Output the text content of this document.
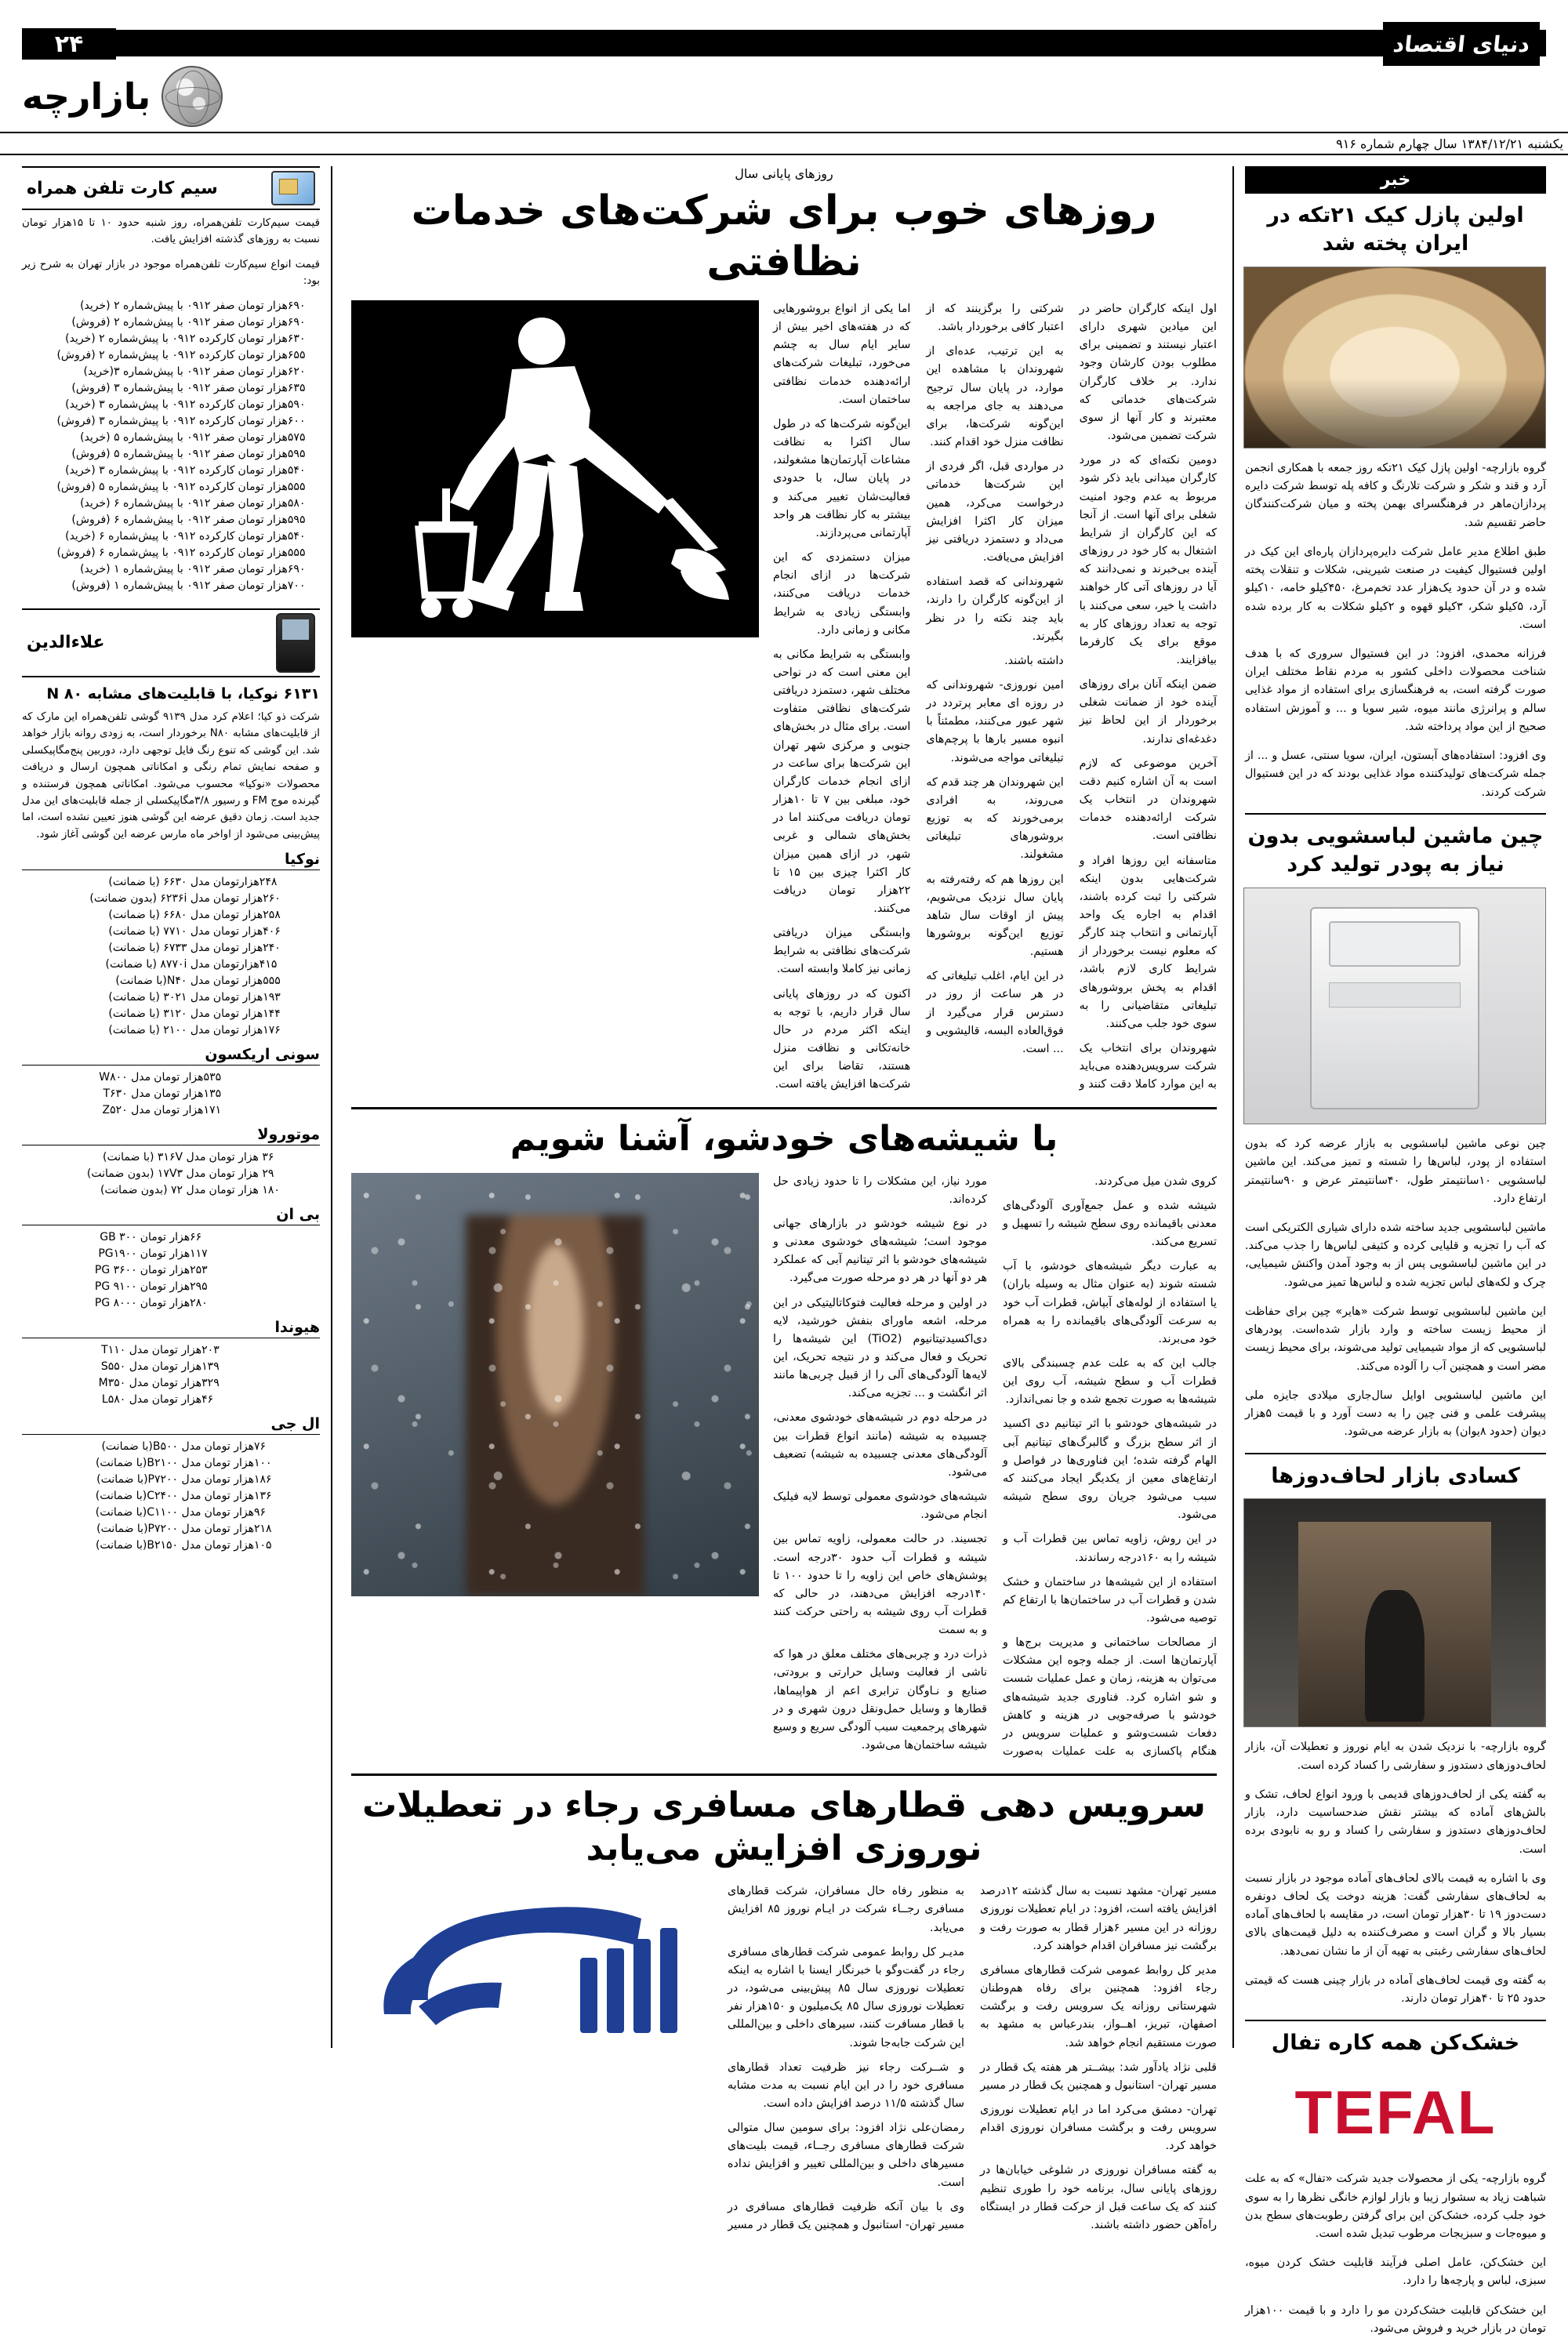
دنیای اقتصاد
۲۴
بازارچه
یکشنبه ۱۳۸۴/۱۲/۲۱ سال چهارم شماره ۹۱۶
خبر
اولین پازل کیک ۲۱تکه در ایران پخته شد

گروه بازارچه- اولین پازل کیک ۲۱تکه روز جمعه با همکاری انجمن آرد و قند و شکر و شرکت تلارنگ و کافه پله توسط شرکت دایره پردازان‌ماهر در فرهنگسرای بهمن پخته و میان شرکت‌کنندگان حاضر تقسیم شد.

طبق اطلاع مدیر عامل شرکت دایره‌پردازان پاره‌ای این کیک در اولین فستیوال کیفیت در صنعت شیرینی، شکلات و تنقلات پخته شده و در آن حدود یک‌هزار عدد تخم‌مرغ، ۴۵۰کیلو خامه، ۱۰کیلو آرد، ۵کیلو شکر، ۳کیلو قهوه و ۲کیلو شکلات به کار برده شده است.

فرزانه محمدی، افزود: در این فستیوال سروری که با هدف شناخت محصولات داخلی کشور به مردم نقاط مختلف ایران صورت گرفته است، به فرهنگسازی برای استفاده از مواد غذایی سالم و پرانرژی مانند میوه، شیر سویا و ... و آموزش استفاده صحیح از این مواد پرداخته شد.

وی افزود: استفاده‌های آبستون، ایران، سویا سنتی، عسل و ... از جمله شرکت‌های تولیدکننده مواد غذایی بودند که در این فستیوال شرکت کردند.

چین ماشین لباسشویی بدون نیاز به پودر تولید کرد

چین نوعی ماشین لباسشویی به بازار عرضه کرد که بدون استفاده از پودر، لباس‌ها را شسته و تمیز می‌کند. این ماشین لباسشویی ۱۰سانتیمتر طول، ۴۰سانتیمتر عرض و ۹۰سانتیمتر ارتفاع دارد.

ماشین لباسشویی جدید ساخته شده دارای شیاری الکتریکی است که آب را تجزیه و قلیایی کرده و کثیفی لباس‌ها را جذب می‌کند. در این ماشین لباسشویی پس از به وجود آمدن واکنش شیمیایی، چرک و لکه‌های لباس تجزیه شده و لباس‌ها تمیز می‌شود.

این ماشین لباسشویی توسط شرکت «هایر» چین برای حفاظت از محیط زیست ساخته و وارد بازار شده‌است. پودرهای لباسشویی که از مواد شیمیایی تولید می‌شوند، برای محیط زیست مضر است و همچنین آب را آلوده می‌کند.

این ماشین لباسشویی اوایل سال‌جاری میلادی جایزه ملی پیشرفت علمی و فنی چین را به دست آورد و با قیمت ۵هزار دیوان (حدود ۸یوان) به بازار عرضه می‌شود.

کسادی بازار لحاف‌دوزها

گروه بازارچه- با نزدیک شدن به ایام نوروز و تعطیلات آن، بازار لحاف‌دوزهای دستدوز و سفارشی را کساد کرده است.

به گفته یکی از لحاف‌دوزهای قدیمی با ورود انواع لحاف، تشک و بالش‌های آماده که بیشتر نقش ضدحساسیت دارد، بازار لحاف‌دوزهای دستدوز و سفارشی را کساد و رو به نابودی برده است.

وی با اشاره به قیمت بالای لحاف‌های آماده موجود در بازار نسبت به لحاف‌های سفارشی گفت: هزینه دوخت یک لحاف دونفره دست‌دوز ۱۹ تا ۳۰هزار تومان است، در مقایسه با لحاف‌های آماده بسیار بالا و گران است و مصرف‌کننده به دلیل قیمت‌های بالای لحاف‌های سفارشی رغبتی به تهیه آن از ما نشان نمی‌دهد.

به گفته وی قیمت لحاف‌های آماده در بازار چینی هست که قیمتی حدود ۲۵ تا ۴۰هزار تومان دارند.

خشک‌کن همه کاره تفال
TEFAL

گروه بازارچه- یکی از محصولات جدید شرکت «تفال» که به علت شباهت زیاد به سشوار زیبا و بازار لوازم خانگی نظرها را به سوی خود جلب کرده، خشک‌کن این برای گرفتن رطوبت‌های سطح بدن و میوه‌جات و سبزیجات مرطوب تبدیل شده است.

این خشک‌کن، عامل اصلی فرآیند قابلیت خشک کردن میوه، سبزی، لباس و پارچه‌ها را دارد.

این خشک‌کن قابلیت خشک‌کردن مو را دارد و با قیمت ۱۰۰هزار تومان در بازار خرید و فروش می‌شود.

روزهای پایانی سال
روزهای خوب برای شرکت‌های خدمات نظافتی

اول اینکه کارگران حاضر در این میادین شهری دارای اعتبار نیستند و تضمینی برای مطلوب بودن کارشان وجود ندارد. بر خلاف کارگران شرکت‌های خدماتی که معتبرند و کار آنها از سوی شرکت تضمین می‌شود.

دومین نکته‌ای که در مورد کارگران میدانی باید ذکر شود مربوط به عدم وجود امنیت شغلی برای آنها است. از آنجا که این کارگران از شرایط اشتغال به کار خود در روزهای آینده بی‌خبرند و نمی‌دانند که آیا در روزهای آتی کار خواهند داشت یا خیر، سعی می‌کنند با توجه به تعداد روزهای کار به موقع برای یک کارفرما بیافزایند.

ضمن اینکه آنان برای روزهای آینده خود از ضمانت شغلی برخوردار از این لحاظ نیز دغدغه‌ای ندارند.

آخرین موضوعی که لازم است به آن اشاره کنیم دقت شهروندان در انتخاب یک شرکت ارائه‌دهنده خدمات نظافتی است.

متاسفانه این روزها افراد و شرکت‌هایی بدون اینکه شرکتی را ثبت کرده باشند، اقدام به اجاره یک واحد آپارتمانی و انتخاب چند کارگر که معلوم نیست برخوردار از شرایط کاری لازم باشد، اقدام به پخش بروشورهای تبلیغاتی متقاضیانی را به سوی خود جلب می‌کنند.

شهروندان برای انتخاب یک شرکت سرویس‌دهنده می‌باید به این موارد کاملا دقت کنند و شرکتی را برگزینند که از اعتبار کافی برخوردار باشد.

به این ترتیب، عده‌ای از شهروندان با مشاهده این موارد، در پایان سال ترجیح می‌دهند به جای مراجعه به این‌گونه شرکت‌ها، برای نظافت منزل خود اقدام کنند.

در مواردی قبل، اگر فردی از این شرکت‌ها خدماتی درخواست می‌کرد، همین میزان کار اکثرا افزایش می‌داد و دستمزد دریافتی نیز افزایش می‌یافت.

شهروندانی که قصد استفاده از این‌گونه کارگران را دارند، باید چند نکته را در نظر بگیرند.

داشته باشند.

امین نوروزی- شهروندانی که در روزه ای معابر پرتردد در شهر عبور می‌کنند، مطمئناً با انبوه مسیر بارها با پرچم‌های تبلیغاتی مواجه می‌شوند.

این شهروندان هر چند قدم که می‌روند، به افرادی برمی‌خورند که به توزیع بروشورهای تبلیغاتی مشغولند.

این روزها هم که رفته‌رفته به پایان سال نزدیک می‌شویم، پیش از اوقات سال شاهد توزیع این‌گونه بروشورها هستیم.

در این ایام، اغلب تبلیغاتی که در هر ساعت از روز در دسترس قرار می‌گیرد از فوق‌العاده البسه، قالیشویی و ... است.

اما یکی از انواع بروشورهایی که در هفته‌های اخیر بیش از سایر ایام سال به چشم می‌خورد، تبلیغات شرکت‌های ارائه‌دهنده خدمات نظافتی ساختمان است.

این‌گونه شرکت‌ها که در طول سال اکثرا به نظافت مشاعات آپارتمان‌ها مشغولند، در پایان سال، با حدودی فعالیت‌شان تغییر می‌کند و بیشتر به کار نظافت هر واحد آپارتمانی می‌پردازند.

میزان دستمزدی که این شرکت‌ها در ازای انجام خدمات دریافت می‌کنند، وابستگی زیادی به شرایط مکانی و زمانی دارد.

وابستگی به شرایط مکانی به این معنی است که در نواحی مختلف شهر، دستمزد دریافتی شرکت‌های نظافتی متفاوت است. برای مثال در بخش‌های جنوبی و مرکزی شهر تهران این شرکت‌ها برای ساعت در ازای انجام خدمات کارگران خود، مبلغی بین ۷ تا ۱۰هزار تومان دریافت می‌کنند اما در بخش‌های شمالی و غربی شهر، در ازای همین میزان کار اکثرا چیزی بین ۱۵ تا ۲۲هزار تومان دریافت می‌کنند.

وابستگی میزان دریافتی شرکت‌های نظافتی به شرایط زمانی نیز کاملا وابسته است.

اکنون که در روزهای پایانی سال قرار داریم، با توجه به اینکه اکثر مردم در حال خانه‌تکانی و نظافت منزل هستند، تقاضا برای این شرکت‌ها افزایش یافته است.

با شیشه‌های خودشو، آشنا شویم

کروی شدن میل می‌کردند.

شیشه شده و عمل جمع‌آوری آلودگی‌های معدنی باقیمانده روی سطح شیشه را تسهیل و تسریع می‌کند.

به عبارت دیگر شیشه‌های خودشو، با آب شسته شوند (به عنوان مثال به وسیله باران) یا استفاده از لوله‌های آبپاش، قطرات آب خود به سرعت آلودگی‌های باقیمانده را به همراه خود می‌برند.

جالب این که به علت عدم چسبندگی بالای قطرات آب و سطح شیشه، آب روی این شیشه‌ها به صورت تجمع شده و جا نمی‌اندازد.

در شیشه‌های خودشو با اثر تیتانیم دی اکسید از اثر سطح بزرگ و گالبرگ‌های تیتانیم آبی الهام گرفته شده؛ این فناوری‌ها در فواصل و ارتفاع‌های معین از یکدیگر ایجاد می‌کنند که سبب می‌شود جریان روی سطح شیشه می‌شود.

در این روش، زاویه تماس بین قطرات آب و شیشه را به ۱۶۰درجه رساندند.

استفاده از این شیشه‌ها در ساختمان و خشک شدن و قطرات آب در ساختمان‌ها با ارتفاع کم توصیه می‌شود.

از مصالحات ساختمانی و مدیریت برج‌ها و آپارتمان‌ها است. از جمله وجوه این مشکلات می‌توان به هزینه، زمان و عمل عملیات شست و شو اشاره کرد. فناوری جدید شیشه‌های خودشو با صرفه‌جویی در هزینه و کاهش دفعات شست‌وشو و عملیات سرویس در هنگام پاکسازی به علت عملیات به‌صورت مورد نیاز، این مشکلات را تا حدود زیادی حل کرده‌اند.

در نوع شیشه خودشو در بازارهای جهانی موجود است؛ شیشه‌های خودشوی معدنی و شیشه‌های خودشو با اثر تیتانیم آبی که عملکرد هر دو آنها در هر دو مرحله صورت می‌گیرد.

در اولین و مرحله فعالیت فتوکاتالیتیکی در این مرحله، اشعه ماورای بنفش خورشید، لایه دی‌اکسیدتیتانیوم (TiO2) این شیشه‌ها را تحریک و فعال می‌کند و در نتیجه تحریک، این لایه‌ها آلودگی‌های آلی را از قبیل چربی‌ها مانند اثر انگشت و ... تجزیه می‌کند.

در مرحله دوم در شیشه‌های خودشوی معدنی، چسبیده به شیشه (مانند انواع قطرات بین آلودگی‌های معدنی چسبیده به شیشه) تضعیف می‌شود.

شیشه‌های خودشوی معمولی توسط لایه فیلیک انجام می‌شود.

تجسیند. در حالت معمولی، زاویه تماس بین شیشه و قطرات آب حدود ۳۰درجه است. پوشش‌های خاص این زاویه را تا حدود ۱۰۰ تا ۱۴۰درجه افزایش می‌دهند، در حالی که قطرات آب روی شیشه به راحتی حرکت کنند و به سمت

ذرات درد و چربی‌های مختلف معلق در هوا که ناشی از فعالیت وسایل حرارتی و برودتی، صنایع و نـاوگان ترابری اعم از هواپیماها، قطارها و وسایل حمل‌ونقل درون شهری و در شهرهای پرجمعیت سبب آلودگی سریع و وسیع شیشه ساختمان‌ها می‌شود.

سرویس دهی قطارهای مسافری رجاء در تعطیلات نوروزی افزایش می‌یابد

مسیر تهران- مشهد نسبت به سال گذشته ۱۲درصد افزایش یافته است، افزود: در ایام تعطیلات نوروزی روزانه در این مسیر ۶هزار قطار به صورت رفت و برگشت نیز مسافران اقدام خواهند کرد.

مدیر کل روابط عمومی شرکت قطارهای مسافری رجاء افزود: همچنین برای رفاه هم‌وطنان شهرستانی روزانه یک سرویس رفت و برگشت اصفهان، تبریز، اهــواز، بندرعباس به مشهد به صورت مستقیم انجام خواهد شد.

قلبی نژاد یادآور شد: بیشــتر هر هفته یک قطار در مسیر تهران- استانبول و همچنین یک قطار در مسیر

تهران- دمشق می‌کرد اما در ایام تعطیلات نوروزی سرویس رفت و برگشت مسافران نوروزی اقدام خواهد کرد.

به گفته مسافران نوروزی در شلوغی خیابان‌ها در روزهای پایانی سال، برنامه خود را طوری تنظیم کنند که یک ساعت قبل از حرکت قطار در ایستگاه راه‌آهن حضور داشته باشند.

به منظور رفاه حال مسافران، شرکت قطارهای مسافری رجــاء شرکت در ایـام نوروز ۸۵ افزایش می‌یابد.

مدیـر کل روابط عمومی شرکت قطارهای مسافری رجاء در گفت‌وگو با خبرنگار ایسنا با اشاره به اینکه تعطیلات نوروزی سال ۸۵ پیش‌بینی می‌شود، در تعطیلات نوروزی سال ۸۵ یک‌میلیون و ۱۵۰هزار نفر با قطار مسافرت کنند، سیرهای داخلی و بین‌المللی این شرکت جابه‌جا شوند.

و شــرکت رجاء نیز ظرفیت تعداد قطارهای مسافری خود را در این ایام نسبت به مدت مشابه سال گذشته ۱۱/۵ درصد افزایش داده است.

رمضان‌علی نژاد افزود: برای سومین سال متوالی شرکت قطارهای مسافری رجــاء، قیمت بلیت‌های مسیرهای داخلی و بین‌المللی تغییر و افزایش نداده است.

وی با بیان آنکه ظرفیت قطارهای مسافری در مسیر تهران- استانبول و همچنین یک قطار در مسیر

سیم کارت تلفن همراه
قیمت سیم‌کارت تلفن‌همراه، روز شنبه حدود ۱۰ تا ۱۵هزار تومان نسبت به روزهای گذشته افزایش یافت.
قیمت انواع سیم‌کارت تلفن‌همراه موجود در بازار تهران به شرح زیر بود:
۶۹۰هزار تومان	صفر ۰۹۱۲ با پیش‌شماره ۲ (خرید)
۶۹۰هزار تومان	صفر ۰۹۱۲ با پیش‌شماره ۲ (فروش)
۶۳۰هزار تومان	کارکرده ۰۹۱۲ با پیش‌شماره ۲ (خرید)
۶۵۵هزار تومان	کارکرده ۰۹۱۲ با پیش‌شماره ۲ (فروش)
۶۲۰هزار تومان	صفر ۰۹۱۲ با پیش‌شماره ۳(خرید)
۶۳۵هزار تومان	صفر ۰۹۱۲ با پیش‌شماره ۳ (فروش)
۵۹۰هزار تومان	کارکرده ۰۹۱۲ با پیش‌شماره ۳ (خرید)
۶۰۰هزار تومان	کارکرده ۰۹۱۲ با پیش‌شماره ۳ (فروش)
۵۷۵هزار تومان	صفر ۰۹۱۲ با پیش‌شماره ۵ (خرید)
۵۹۵هزار تومان	صفر ۰۹۱۲ با پیش‌شماره ۵ (فروش)
۵۴۰هزار تومان	کارکرده ۰۹۱۲ با پیش‌شماره ۳ (خرید)
۵۵۵هزار تومان	کارکرده ۰۹۱۲ با پیش‌شماره ۵ (فروش)
۵۸۰هزار تومان	صفر ۰۹۱۲ با پیش‌شماره ۶ (خرید)
۵۹۵هزار تومان	صفر ۰۹۱۲ با پیش‌شماره ۶ (فروش)
۵۴۰هزار تومان	کارکرده ۰۹۱۲ با پیش‌شماره ۶ (خرید)
۵۵۵هزار تومان	کارکرده ۰۹۱۲ با پیش‌شماره ۶ (فروش)
۶۹۰هزار تومان	صفر ۰۹۱۲ با پیش‌شماره ۱ (خرید)
۷۰۰هزار تومان	صفر ۰۹۱۲ با پیش‌شماره ۱ (فروش)
علاءالدین
۶۱۳۱ نوکیا، با قابلیت‌های مشابه N ۸۰
شرکت ذو کیا؛ اعلام کرد مدل ۹۱۳۹ گوشی تلفن‌همراه این مارک که از قابلیت‌های مشابه N۸۰ برخوردار است، به زودی روانه بازار خواهد شد. این گوشی که تنوع رنگ فایل توجهی دارد، دوربین پنج‌مگاپیکسلی و صفحه نمایش تمام رنگی و امکاناتی همچون ارسال و دریافت محصولات «نوکیا» محسوب می‌شود. امکاناتی همچون فرستنده و گیرنده موج FM و رسیور ۳/۸مگاپیکسلی از جمله قابلیت‌های این مدل جدید است. زمان دقیق عرضه این گوشی هنوز تعیین نشده است، اما پیش‌بینی می‌شود از اواخر ماه مارس عرضه این گوشی آغاز شود.
نوکیا
۲۴۸هزارتومان	مدل ۶۶۳۰ (با ضمانت)
۲۶۰هزار تومان	مدل ۶۲۳۶i (بدون ضمانت)
۲۵۸هزار تومان	مدل ۶۶۸۰ (با ضمانت)
۴۰۶هزار تومان	مدل ۷۷۱۰ (با ضمانت)
۲۴۰هزار تومان	مدل ۶۷۳۳ (با ضمانت)
۴۱۵هزارتومان	مدل ۸۷۷۰i (با ضمانت)
۵۵۵هزار تومان	مدل N۴۰(با ضمانت)
۱۹۳هزار تومان	مدل ۳۰۲۱ (با ضمانت)
۱۴۴هزار تومان	مدل ۳۱۲۰ (با ضمانت)
۱۷۶هزار تومان	مدل ۲۱۰۰ (با ضمانت)
سونی اریکسون
۵۳۵هزار تومان	مدل W۸۰۰
۱۳۵هزار تومان	مدل T۶۳۰
۱۷۱هزار تومان	مدل Z۵۲۰
موتورولا
۳۶ هزار تومان	مدل ۳۱۶V (با ضمانت)
۲۹ هزار تومان	مدل ۱۷V۳ (بدون ضمانت)
۱۸۰ هزار تومان	مدل ۷۲ (بدون ضمانت)
بی ان
۶۶هزار تومان	GB ۳۰۰
۱۱۷هزار تومان	PG۱۹۰۰
۲۵۳هزار تومان	PG ۳۶۰۰
۲۹۵هزار تومان	PG ۹۱۰۰
۲۸۰هزار تومان	PG ۸۰۰۰
هیوندا
۲۰۳هزار تومان	مدل T۱۱۰
۱۳۹هزار تومان	مدل S۵۵۰
۳۲۹هزار تومان	مدل M۳۵۰
۴۶هزار تومان	مدل L۵۸۰
ال جی
۷۶هزار تومان	مدل B۵۰۰(با ضمانت)
۱۰۰هزار تومان	مدل B۲۱۰۰(با ضمانت)
۱۸۶هزار تومان	مدل P۷۲۰۰(با ضمانت)
۱۳۶هزار تومان	مدل C۲۴۰۰(با ضمانت)
۹۶هزار تومان	مدل C۱۱۰۰(با ضمانت)
۲۱۸هزار تومان	مدل P۷۲۰۰(با ضمانت)
۱۰۵هزار تومان	مدل B۲۱۵۰(با ضمانت)
